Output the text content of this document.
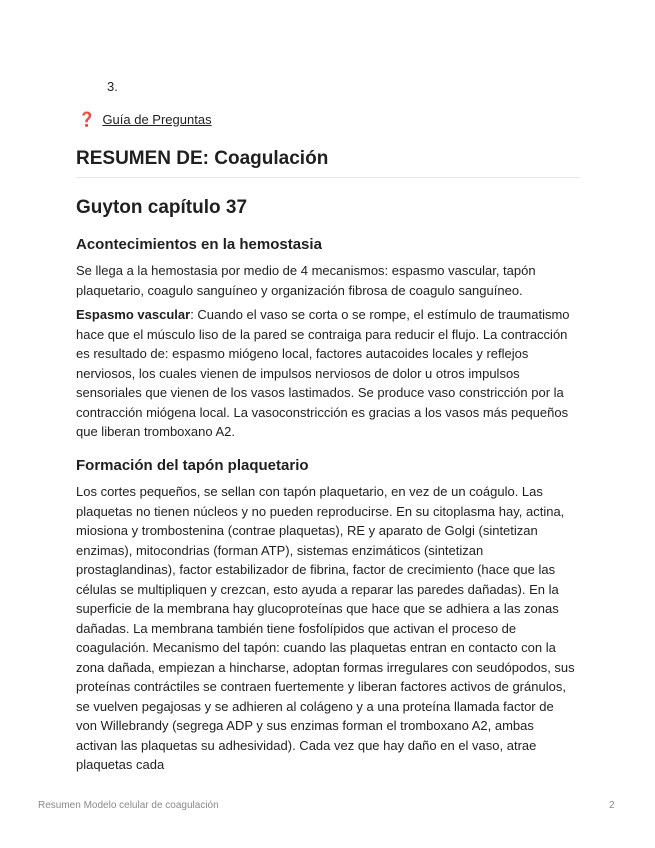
3.
❓ Guía de Preguntas
RESUMEN DE: Coagulación
Guyton capítulo 37
Acontecimientos en la hemostasia

Se llega a la hemostasia por medio de 4 mecanismos: espasmo vascular, tapón plaquetario, coagulo sanguíneo y organización fibrosa de coagulo sanguíneo.

Espasmo vascular: Cuando el vaso se corta o se rompe, el estímulo de traumatismo hace que el músculo liso de la pared se contraiga para reducir el flujo. La contracción es resultado de: espasmo miógeno local, factores autacoides locales y reflejos nerviosos, los cuales vienen de impulsos nerviosos de dolor u otros impulsos sensoriales que vienen de los vasos lastimados. Se produce vaso constricción por la contracción miógena local. La vasoconstricción es gracias a los vasos más pequeños que liberan tromboxano A2.

Formación del tapón plaquetario

Los cortes pequeños, se sellan con tapón plaquetario, en vez de un coágulo. Las plaquetas no tienen núcleos y no pueden reproducirse. En su citoplasma hay, actina, miosiona y trombostenina (contrae plaquetas), RE y aparato de Golgi (sintetizan enzimas), mitocondrias (forman ATP), sistemas enzimáticos (sintetizan prostaglandinas), factor estabilizador de fibrina, factor de crecimiento (hace que las células se multipliquen y crezcan, esto ayuda a reparar las paredes dañadas). En la superficie de la membrana hay glucoproteínas que hace que se adhiera a las zonas dañadas. La membrana también tiene fosfolípidos que activan el proceso de coagulación. Mecanismo del tapón: cuando las plaquetas entran en contacto con la zona dañada, empiezan a hincharse, adoptan formas irregulares con seudópodos, sus proteínas contráctiles se contraen fuertemente y liberan factores activos de gránulos, se vuelven pegajosas y se adhieren al colágeno y a una proteína llamada factor de von Willebrandy (segrega ADP y sus enzimas forman el tromboxano A2, ambas activan las plaquetas su adhesividad). Cada vez que hay daño en el vaso, atrae plaquetas cada

Resumen Modelo celular de coagulación	2
